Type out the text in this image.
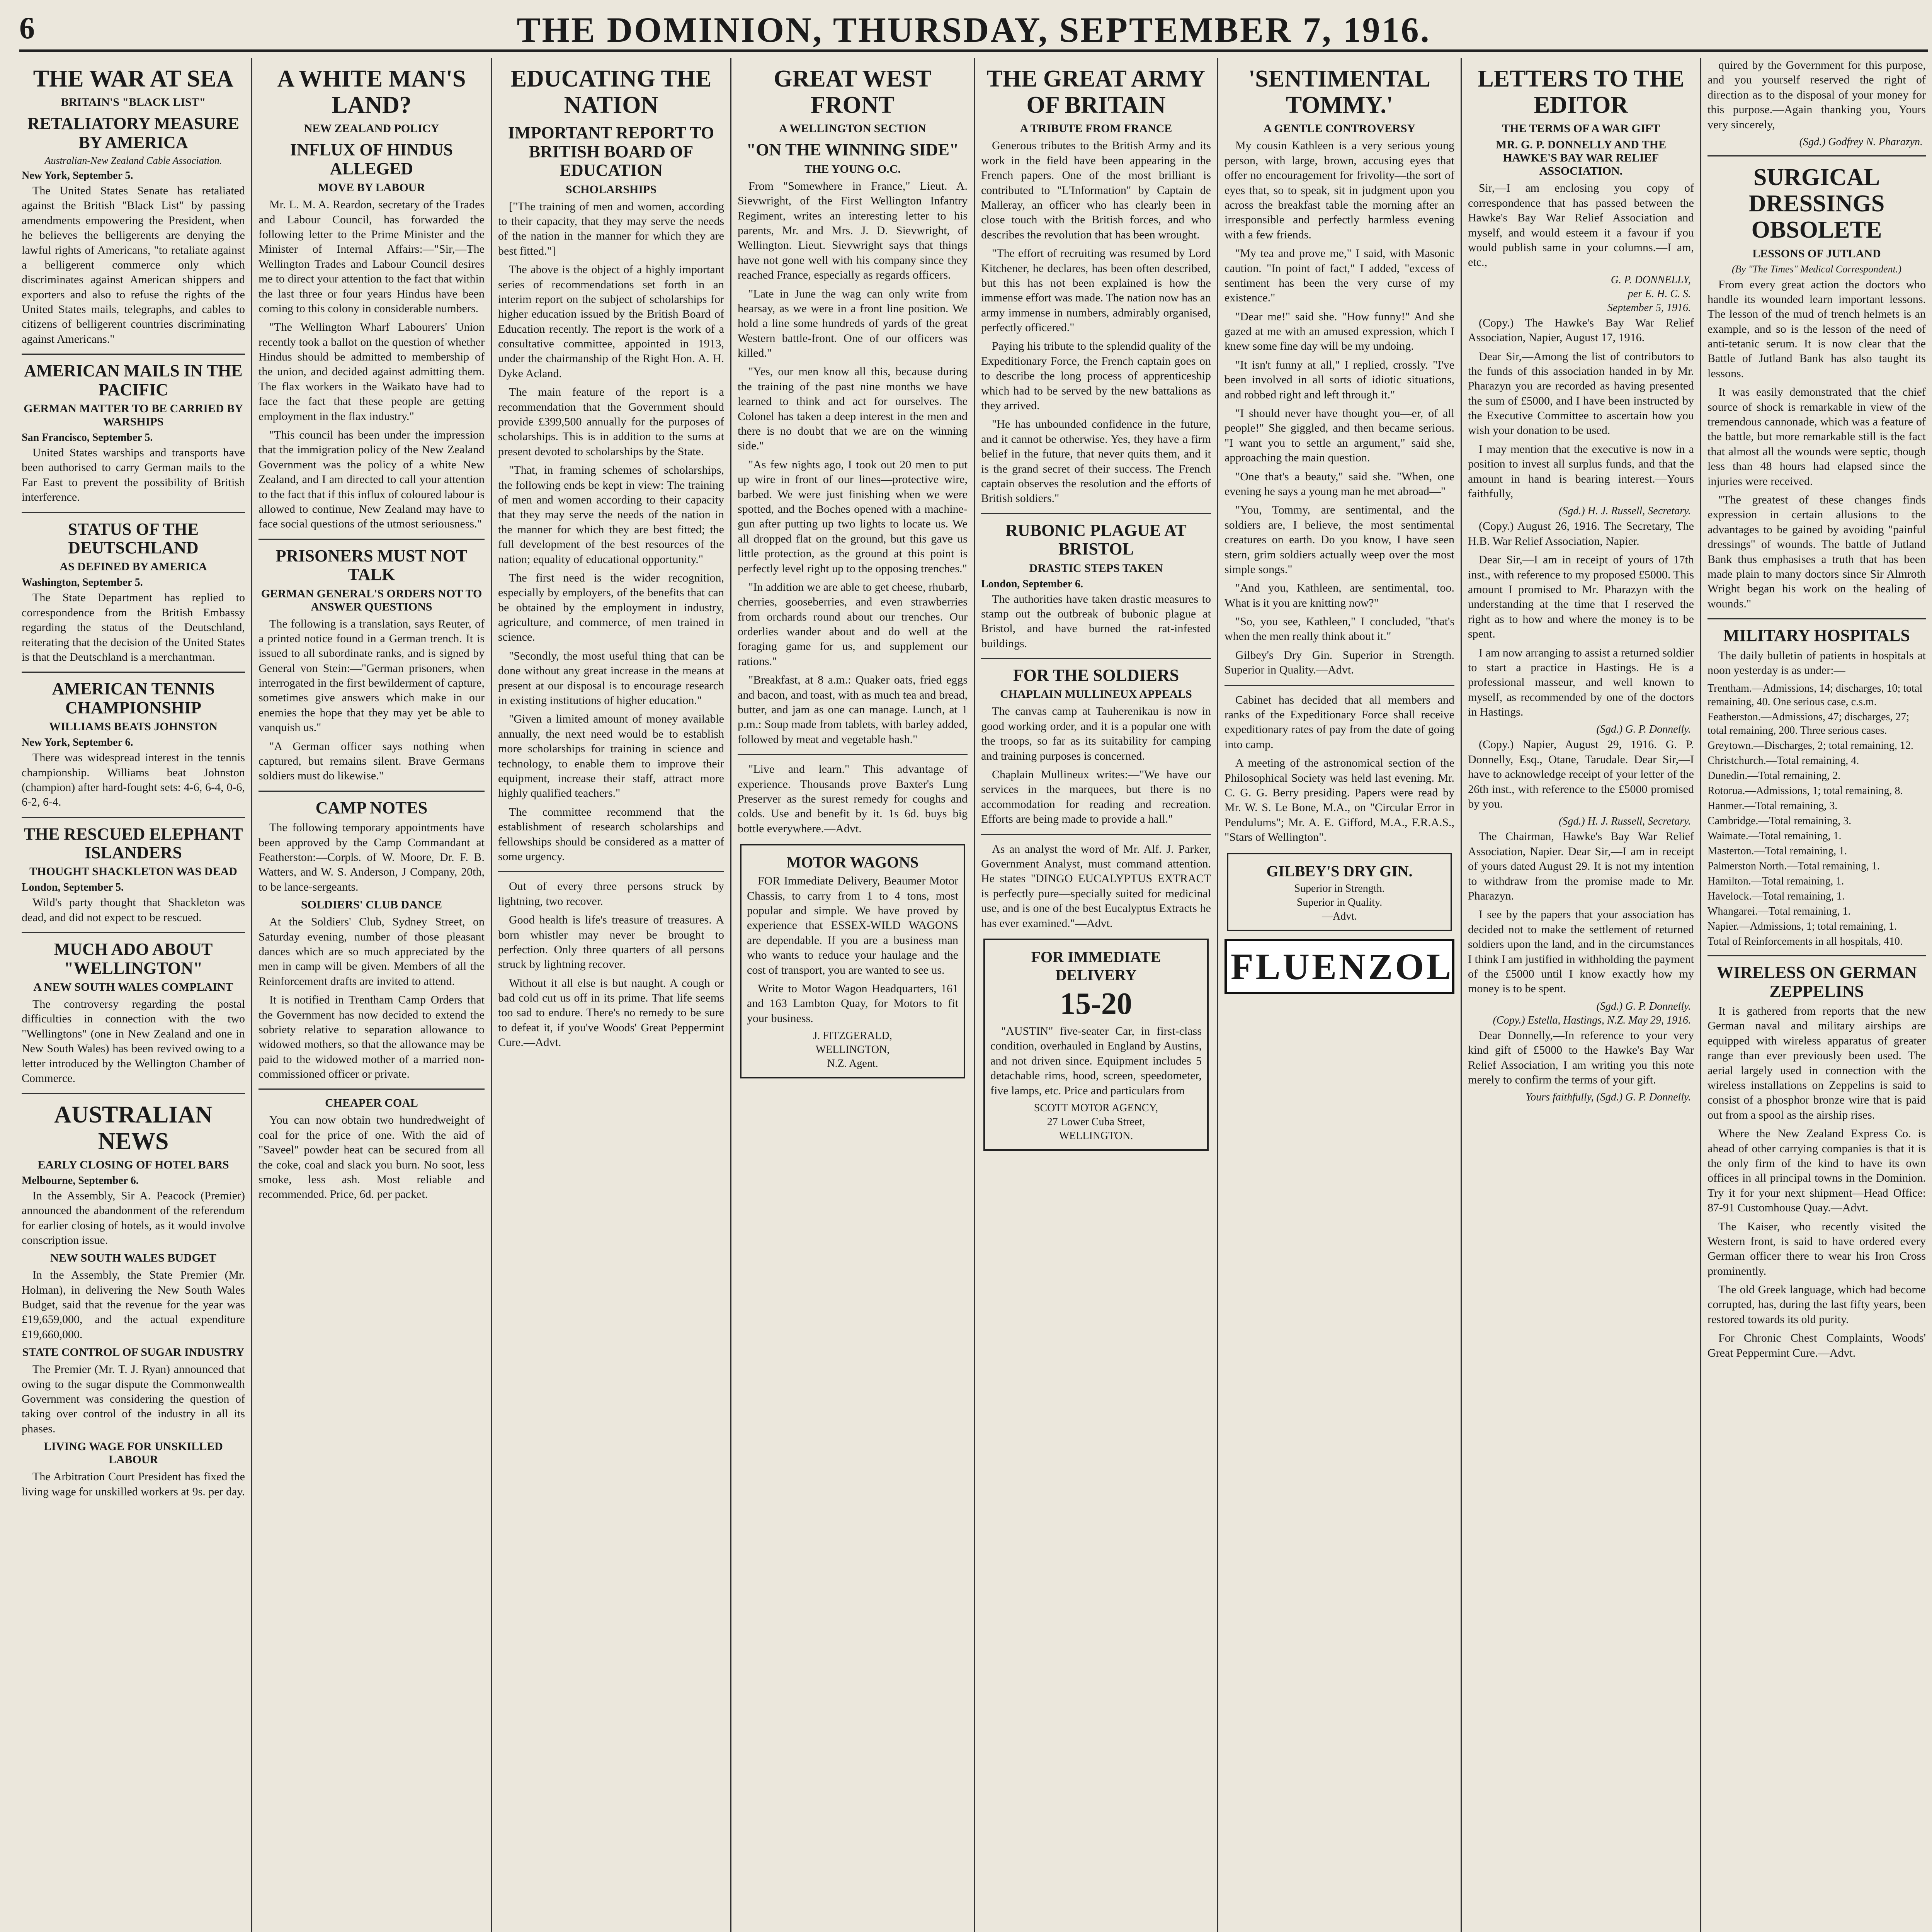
6	THE DOMINION, THURSDAY, SEPTEMBER 7, 1916.
THE WAR AT SEA
BRITAIN'S "BLACK LIST"
RETALIATORY MEASURE BY AMERICA
Australian-New Zealand Cable Association.
New York, September 5.

The United States Senate has retaliated against the British "Black List" by passing amendments empowering the President, when he believes the belligerents are denying the lawful rights of Americans, "to retaliate against a belligerent commerce only which discriminates against American shippers and exporters and also to refuse the rights of the United States mails, telegraphs, and cables to citizens of belligerent countries discriminating against Americans."

AMERICAN MAILS IN THE PACIFIC
GERMAN MATTER TO BE CARRIED BY WARSHIPS
San Francisco, September 5.

United States warships and transports have been authorised to carry German mails to the Far East to prevent the possibility of British interference.

STATUS OF THE DEUTSCHLAND
AS DEFINED BY AMERICA
Washington, September 5.

The State Department has replied to correspondence from the British Embassy regarding the status of the Deutschland, reiterating that the decision of the United States is that the Deutschland is a merchantman.

AMERICAN TENNIS CHAMPIONSHIP
WILLIAMS BEATS JOHNSTON
New York, September 6.

There was widespread interest in the tennis championship. Williams beat Johnston (champion) after hard-fought sets: 4-6, 6-4, 0-6, 6-2, 6-4.

THE RESCUED ELEPHANT ISLANDERS
THOUGHT SHACKLETON WAS DEAD
London, September 5.

Wild's party thought that Shackleton was dead, and did not expect to be rescued.

MUCH ADO ABOUT "WELLINGTON"
A NEW SOUTH WALES COMPLAINT

The controversy regarding the postal difficulties in connection with the two "Wellingtons" (one in New Zealand and one in New South Wales) has been revived owing to a letter introduced by the Wellington Chamber of Commerce.

AUSTRALIAN NEWS
EARLY CLOSING OF HOTEL BARS
Melbourne, September 6.

In the Assembly, Sir A. Peacock (Premier) announced the abandonment of the referendum for earlier closing of hotels, as it would involve conscription issue.

NEW SOUTH WALES BUDGET

In the Assembly, the State Premier (Mr. Holman), in delivering the New South Wales Budget, said that the revenue for the year was £19,659,000, and the actual expenditure £19,660,000.

STATE CONTROL OF SUGAR INDUSTRY

The Premier (Mr. T. J. Ryan) announced that owing to the sugar dispute the Commonwealth Government was considering the question of taking over control of the industry in all its phases.

LIVING WAGE FOR UNSKILLED LABOUR

The Arbitration Court President has fixed the living wage for unskilled workers at 9s. per day.

A WHITE MAN'S LAND?
NEW ZEALAND POLICY
INFLUX OF HINDUS ALLEGED
MOVE BY LABOUR

Mr. L. M. A. Reardon, secretary of the Trades and Labour Council, has forwarded the following letter to the Prime Minister and the Minister of Internal Affairs:—"Sir,—The Wellington Trades and Labour Council desires me to direct your attention to the fact that within the last three or four years Hindus have been coming to this colony in considerable numbers.

"The Wellington Wharf Labourers' Union recently took a ballot on the question of whether Hindus should be admitted to membership of the union, and decided against admitting them. The flax workers in the Waikato have had to face the fact that these people are getting employment in the flax industry."

"This council has been under the impression that the immigration policy of the New Zealand Government was the policy of a white New Zealand, and I am directed to call your attention to the fact that if this influx of coloured labour is allowed to continue, New Zealand may have to face social questions of the utmost seriousness."

PRISONERS MUST NOT TALK
GERMAN GENERAL'S ORDERS NOT TO ANSWER QUESTIONS

The following is a translation, says Reuter, of a printed notice found in a German trench. It is issued to all subordinate ranks, and is signed by General von Stein:—"German prisoners, when interrogated in the first bewilderment of capture, sometimes give answers which make in our enemies the hope that they may yet be able to vanquish us."

"A German officer says nothing when captured, but remains silent. Brave Germans soldiers must do likewise."

CAMP NOTES

The following temporary appointments have been approved by the Camp Commandant at Featherston:—Corpls. of W. Moore, Dr. F. B. Watters, and W. S. Anderson, J Company, 20th, to be lance-sergeants.

SOLDIERS' CLUB DANCE

At the Soldiers' Club, Sydney Street, on Saturday evening, number of those pleasant dances which are so much appreciated by the men in camp will be given. Members of all the Reinforcement drafts are invited to attend.

It is notified in Trentham Camp Orders that the Government has now decided to extend the sobriety relative to separation allowance to widowed mothers, so that the allowance may be paid to the widowed mother of a married non-commissioned officer or private.

CHEAPER COAL

You can now obtain two hundredweight of coal for the price of one. With the aid of "Saveel" powder heat can be secured from all the coke, coal and slack you burn. No soot, less smoke, less ash. Most reliable and recommended. Price, 6d. per packet.

EDUCATING THE NATION
IMPORTANT REPORT TO BRITISH BOARD OF EDUCATION
SCHOLARSHIPS

["The training of men and women, according to their capacity, that they may serve the needs of the nation in the manner for which they are best fitted."]

The above is the object of a highly important series of recommendations set forth in an interim report on the subject of scholarships for higher education issued by the British Board of Education recently. The report is the work of a consultative committee, appointed in 1913, under the chairmanship of the Right Hon. A. H. Dyke Acland.

The main feature of the report is a recommendation that the Government should provide £399,500 annually for the purposes of scholarships. This is in addition to the sums at present devoted to scholarships by the State.

"That, in framing schemes of scholarships, the following ends be kept in view: The training of men and women according to their capacity that they may serve the needs of the nation in the manner for which they are best fitted; the full development of the best resources of the nation; equality of educational opportunity."

The first need is the wider recognition, especially by employers, of the benefits that can be obtained by the employment in industry, agriculture, and commerce, of men trained in science.

"Secondly, the most useful thing that can be done without any great increase in the means at present at our disposal is to encourage research in existing institutions of higher education."

"Given a limited amount of money available annually, the next need would be to establish more scholarships for training in science and technology, to enable them to improve their equipment, increase their staff, attract more highly qualified teachers."

The committee recommend that the establishment of research scholarships and fellowships should be considered as a matter of some urgency.

Out of every three persons struck by lightning, two recover.

Good health is life's treasure of treasures. A born whistler may never be brought to perfection. Only three quarters of all persons struck by lightning recover.

Without it all else is but naught. A cough or bad cold cut us off in its prime. That life seems too sad to endure. There's no remedy to be sure to defeat it, if you've Woods' Great Peppermint Cure.—Advt.

GREAT WEST FRONT
A WELLINGTON SECTION
"ON THE WINNING SIDE"
THE YOUNG O.C.

From "Somewhere in France," Lieut. A. Sievwright, of the First Wellington Infantry Regiment, writes an interesting letter to his parents, Mr. and Mrs. J. D. Sievwright, of Wellington. Lieut. Sievwright says that things have not gone well with his company since they reached France, especially as regards officers.

"Late in June the wag can only write from hearsay, as we were in a front line position. We hold a line some hundreds of yards of the great Western battle-front. One of our officers was killed."

"Yes, our men know all this, because during the training of the past nine months we have learned to think and act for ourselves. The Colonel has taken a deep interest in the men and there is no doubt that we are on the winning side."

"As few nights ago, I took out 20 men to put up wire in front of our lines—protective wire, barbed. We were just finishing when we were spotted, and the Boches opened with a machine-gun after putting up two lights to locate us. We all dropped flat on the ground, but this gave us little protection, as the ground at this point is perfectly level right up to the opposing trenches."

"In addition we are able to get cheese, rhubarb, cherries, gooseberries, and even strawberries from orchards round about our trenches. Our orderlies wander about and do well at the foraging game for us, and supplement our rations."

"Breakfast, at 8 a.m.: Quaker oats, fried eggs and bacon, and toast, with as much tea and bread, butter, and jam as one can manage. Lunch, at 1 p.m.: Soup made from tablets, with barley added, followed by meat and vegetable hash."

"Live and learn." This advantage of experience. Thousands prove Baxter's Lung Preserver as the surest remedy for coughs and colds. Use and benefit by it. 1s 6d. buys big bottle everywhere.—Advt.

MOTOR WAGONS

FOR Immediate Delivery, Beaumer Motor Chassis, to carry from 1 to 4 tons, most popular and simple. We have proved by experience that ESSEX-WILD WAGONS are dependable. If you are a business man who wants to reduce your haulage and the cost of transport, you are wanted to see us.

Write to Motor Wagon Headquarters, 161 and 163 Lambton Quay, for Motors to fit your business.

J. FITZGERALD,
WELLINGTON,
N.Z. Agent.
THE GREAT ARMY OF BRITAIN
A TRIBUTE FROM FRANCE

Generous tributes to the British Army and its work in the field have been appearing in the French papers. One of the most brilliant is contributed to "L'Information" by Captain de Malleray, an officer who has clearly been in close touch with the British forces, and who describes the revolution that has been wrought.

"The effort of recruiting was resumed by Lord Kitchener, he declares, has been often described, but this has not been explained is how the immense effort was made. The nation now has an army immense in numbers, admirably organised, perfectly officered."

Paying his tribute to the splendid quality of the Expeditionary Force, the French captain goes on to describe the long process of apprenticeship which had to be served by the new battalions as they arrived.

"He has unbounded confidence in the future, and it cannot be otherwise. Yes, they have a firm belief in the future, that never quits them, and it is the grand secret of their success. The French captain observes the resolution and the efforts of British soldiers."

RUBONIC PLAGUE AT BRISTOL
DRASTIC STEPS TAKEN
London, September 6.

The authorities have taken drastic measures to stamp out the outbreak of bubonic plague at Bristol, and have burned the rat-infested buildings.

FOR THE SOLDIERS
CHAPLAIN MULLINEUX APPEALS

The canvas camp at Tauherenikau is now in good working order, and it is a popular one with the troops, so far as its suitability for camping and training purposes is concerned.

Chaplain Mullineux writes:—"We have our services in the marquees, but there is no accommodation for reading and recreation. Efforts are being made to provide a hall."

As an analyst the word of Mr. Alf. J. Parker, Government Analyst, must command attention. He states "DINGO EUCALYPTUS EXTRACT is perfectly pure—specially suited for medicinal use, and is one of the best Eucalyptus Extracts he has ever examined."—Advt.

FOR IMMEDIATE DELIVERY
15-20

"AUSTIN" five-seater Car, in first-class condition, overhauled in England by Austins, and not driven since. Equipment includes 5 detachable rims, hood, screen, speedometer, five lamps, etc. Price and particulars from

SCOTT MOTOR AGENCY,
27 Lower Cuba Street,
WELLINGTON.
'SENTIMENTAL TOMMY.'
A GENTLE CONTROVERSY

My cousin Kathleen is a very serious young person, with large, brown, accusing eyes that offer no encouragement for frivolity—the sort of eyes that, so to speak, sit in judgment upon you across the breakfast table the morning after an irresponsible and perfectly harmless evening with a few friends.

"My tea and prove me," I said, with Masonic caution. "In point of fact," I added, "excess of sentiment has been the very curse of my existence."

"Dear me!" said she. "How funny!" And she gazed at me with an amused expression, which I knew some fine day will be my undoing.

"It isn't funny at all," I replied, crossly. "I've been involved in all sorts of idiotic situations, and robbed right and left through it."

"I should never have thought you—er, of all people!" She giggled, and then became serious. "I want you to settle an argument," said she, approaching the main question.

"One that's a beauty," said she. "When, one evening he says a young man he met abroad—"

"You, Tommy, are sentimental, and the soldiers are, I believe, the most sentimental creatures on earth. Do you know, I have seen stern, grim soldiers actually weep over the most simple songs."

"And you, Kathleen, are sentimental, too. What is it you are knitting now?"

"So, you see, Kathleen," I concluded, "that's when the men really think about it."

Gilbey's Dry Gin. Superior in Strength. Superior in Quality.—Advt.

Cabinet has decided that all members and ranks of the Expeditionary Force shall receive expeditionary rates of pay from the date of going into camp.

A meeting of the astronomical section of the Philosophical Society was held last evening. Mr. C. G. G. Berry presiding. Papers were read by Mr. W. S. Le Bone, M.A., on "Circular Error in Pendulums"; Mr. A. E. Gifford, M.A., F.R.A.S., "Stars of Wellington".

GILBEY'S DRY GIN.
Superior in Strength.
Superior in Quality.
—Advt.
FLUENZOL
LETTERS TO THE EDITOR
THE TERMS OF A WAR GIFT
MR. G. P. DONNELLY AND THE HAWKE'S BAY WAR RELIEF ASSOCIATION.

Sir,—I am enclosing you copy of correspondence that has passed between the Hawke's Bay War Relief Association and myself, and would esteem it a favour if you would publish same in your columns.—I am, etc.,

G. P. DONNELLY,
per E. H. C. S.
September 5, 1916.

(Copy.) The Hawke's Bay War Relief Association, Napier, August 17, 1916.

Dear Sir,—Among the list of contributors to the funds of this association handed in by Mr. Pharazyn you are recorded as having presented the sum of £5000, and I have been instructed by the Executive Committee to ascertain how you wish your donation to be used.

I may mention that the executive is now in a position to invest all surplus funds, and that the amount in hand is bearing interest.—Yours faithfully,

(Sgd.) H. J. Russell, Secretary.

(Copy.) August 26, 1916. The Secretary, The H.B. War Relief Association, Napier.

Dear Sir,—I am in receipt of yours of 17th inst., with reference to my proposed £5000. This amount I promised to Mr. Pharazyn with the understanding at the time that I reserved the right as to how and where the money is to be spent.

I am now arranging to assist a returned soldier to start a practice in Hastings. He is a professional masseur, and well known to myself, as recommended by one of the doctors in Hastings.

(Sgd.) G. P. Donnelly.

(Copy.) Napier, August 29, 1916. G. P. Donnelly, Esq., Otane, Tarudale. Dear Sir,—I have to acknowledge receipt of your letter of the 26th inst., with reference to the £5000 promised by you.

(Sgd.) H. J. Russell, Secretary.

The Chairman, Hawke's Bay War Relief Association, Napier. Dear Sir,—I am in receipt of yours dated August 29. It is not my intention to withdraw from the promise made to Mr. Pharazyn.

I see by the papers that your association has decided not to make the settlement of returned soldiers upon the land, and in the circumstances I think I am justified in withholding the payment of the £5000 until I know exactly how my money is to be spent.

(Sgd.) G. P. Donnelly.
(Copy.) Estella, Hastings, N.Z. May 29, 1916.

Dear Donnelly,—In reference to your very kind gift of £5000 to the Hawke's Bay War Relief Association, I am writing you this note merely to confirm the terms of your gift.

Yours faithfully, (Sgd.) G. P. Donnelly.

quired by the Government for this purpose, and you yourself reserved the right of direction as to the disposal of your money for this purpose.—Again thanking you, Yours very sincerely,

(Sgd.) Godfrey N. Pharazyn.
SURGICAL DRESSINGS OBSOLETE
LESSONS OF JUTLAND
(By "The Times" Medical Correspondent.)

From every great action the doctors who handle its wounded learn important lessons. The lesson of the mud of trench helmets is an example, and so is the lesson of the need of anti-tetanic serum. It is now clear that the Battle of Jutland Bank has also taught its lessons.

It was easily demonstrated that the chief source of shock is remarkable in view of the tremendous cannonade, which was a feature of the battle, but more remarkable still is the fact that almost all the wounds were septic, though less than 48 hours had elapsed since the injuries were received.

"The greatest of these changes finds expression in certain allusions to the advantages to be gained by avoiding "painful dressings" of wounds. The battle of Jutland Bank thus emphasises a truth that has been made plain to many doctors since Sir Almroth Wright began his work on the healing of wounds."

MILITARY HOSPITALS

The daily bulletin of patients in hospitals at noon yesterday is as under:—

Trentham.—Admissions, 14; discharges, 10; total remaining, 40. One serious case, c.s.m.
Featherston.—Admissions, 47; discharges, 27; total remaining, 200. Three serious cases.
Greytown.—Discharges, 2; total remaining, 12.
Christchurch.—Total remaining, 4.
Dunedin.—Total remaining, 2.
Rotorua.—Admissions, 1; total remaining, 8.
Hanmer.—Total remaining, 3.
Cambridge.—Total remaining, 3.
Waimate.—Total remaining, 1.
Masterton.—Total remaining, 1.
Palmerston North.—Total remaining, 1.
Hamilton.—Total remaining, 1.
Havelock.—Total remaining, 1.
Whangarei.—Total remaining, 1.
Napier.—Admissions, 1; total remaining, 1.
Total of Reinforcements in all hospitals, 410.
WIRELESS ON GERMAN ZEPPELINS

It is gathered from reports that the new German naval and military airships are equipped with wireless apparatus of greater range than ever previously been used. The aerial largely used in connection with the wireless installations on Zeppelins is said to consist of a phosphor bronze wire that is paid out from a spool as the airship rises.

Where the New Zealand Express Co. is ahead of other carrying companies is that it is the only firm of the kind to have its own offices in all principal towns in the Dominion. Try it for your next shipment—Head Office: 87-91 Customhouse Quay.—Advt.

The Kaiser, who recently visited the Western front, is said to have ordered every German officer there to wear his Iron Cross prominently.

The old Greek language, which had become corrupted, has, during the last fifty years, been restored towards its old purity.

For Chronic Chest Complaints, Woods' Great Peppermint Cure.—Advt.
